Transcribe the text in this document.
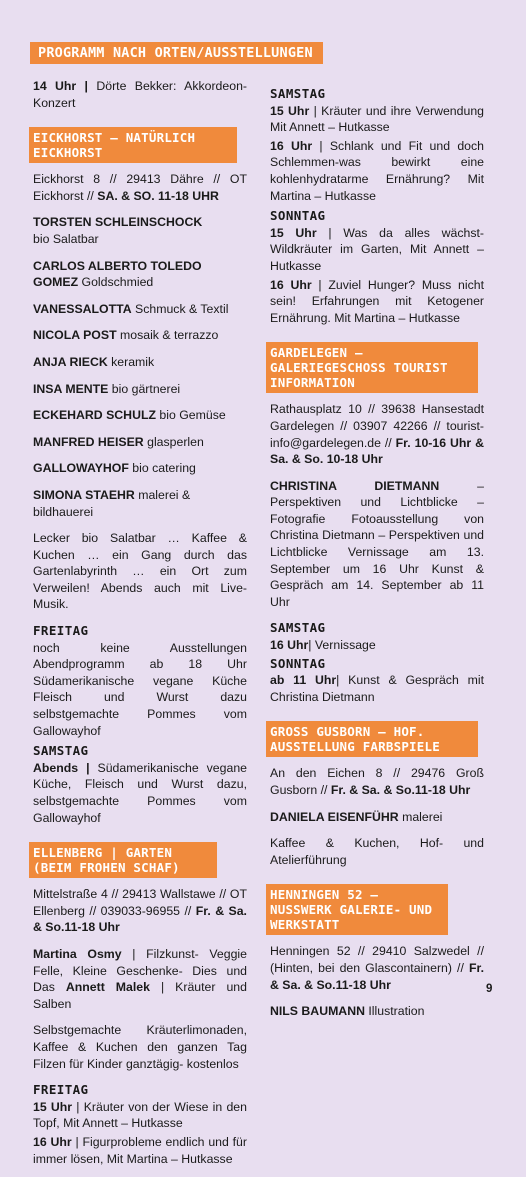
PROGRAMM NACH ORTEN/AUSSTELLUNGEN

14 Uhr | Dörte Bekker: Akkordeon-Konzert

EICKHORST – NATÜRLICH EICKHORST

Eickhorst 8 // 29413 Dähre // OT Eickhorst // SA. & SO. 11-18 UHR

TORSTEN SCHLEINSCHOCK
bio Salatbar

CARLOS ALBERTO TOLEDO GOMEZ Goldschmied

VANESSALOTTA Schmuck & Textil

NICOLA POST mosaik & terrazzo

ANJA RIECK keramik

INSA MENTE bio gärtnerei

ECKEHARD SCHULZ bio Gemüse

MANFRED HEISER glasperlen

GALLOWAYHOF bio catering

SIMONA STAEHR malerei & bildhauerei

Lecker bio Salatbar … Kaffee & Kuchen … ein Gang durch das Gartenlabyrinth … ein Ort zum Verweilen! Abends auch mit Live-Musik.

FREITAG

noch keine Ausstellungen Abendprogramm ab 18 Uhr Südamerikanische vegane Küche Fleisch und Wurst dazu selbstgemachte Pommes vom Gallowayhof

SAMSTAG

Abends | Südamerikanische vegane Küche, Fleisch und Wurst dazu, selbstgemachte Pommes vom Gallowayhof

ELLENBERG | GARTEN (BEIM FROHEN SCHAF)

Mittelstraße 4 // 29413 Wallstawe // OT Ellenberg // 039033-96955 // Fr. & Sa. & So.11-18 Uhr

Martina Osmy | Filzkunst- Veggie Felle, Kleine Geschenke- Dies und Das Annett Malek | Kräuter und Salben

Selbstgemachte Kräuterlimonaden, Kaffee & Kuchen den ganzen Tag Filzen für Kinder ganztägig- kostenlos

FREITAG

15 Uhr | Kräuter von der Wiese in den Topf, Mit Annett – Hutkasse

16 Uhr | Figurprobleme endlich und für immer lösen, Mit Martina – Hutkasse

SAMSTAG

15 Uhr | Kräuter und ihre Verwendung Mit Annett – Hutkasse

16 Uhr | Schlank und Fit und doch Schlemmen-was bewirkt eine kohlenhydratarme Ernährung? Mit Martina – Hutkasse

SONNTAG

15 Uhr | Was da alles wächst- Wildkräuter im Garten, Mit Annett – Hutkasse

16 Uhr | Zuviel Hunger? Muss nicht sein! Erfahrungen mit Ketogener Ernährung. Mit Martina – Hutkasse

GARDELEGEN – GALERIEGESCHOSS TOURIST INFORMATION

Rathausplatz 10 // 39638 Hansestadt Gardelegen // 03907 42266 // tourist-info@gardelegen.de // Fr. 10-16 Uhr & Sa. & So. 10-18 Uhr

CHRISTINA DIETMANN – Perspektiven und Lichtblicke – Fotografie Fotoausstellung von Christina Dietmann – Perspektiven und Lichtblicke Vernissage am 13. September um 16 Uhr Kunst & Gespräch am 14. September ab 11 Uhr

SAMSTAG

16 Uhr| Vernissage

SONNTAG

ab 11 Uhr| Kunst & Gespräch mit Christina Dietmann

GROSS GUSBORN – HOF. AUSSTELLUNG FARBSPIELE

An den Eichen 8 // 29476 Groß Gusborn // Fr. & Sa. & So.11-18 Uhr

DANIELA EISENFÜHR malerei

Kaffee & Kuchen, Hof- und Atelierführung

HENNINGEN 52 – NUSSWERK GALERIE- UND WERKSTATT

Henningen 52 // 29410 Salzwedel // (Hinten, bei den Glascontainern) // Fr. & Sa. & So.11-18 Uhr

NILS BAUMANN Illustration

9
